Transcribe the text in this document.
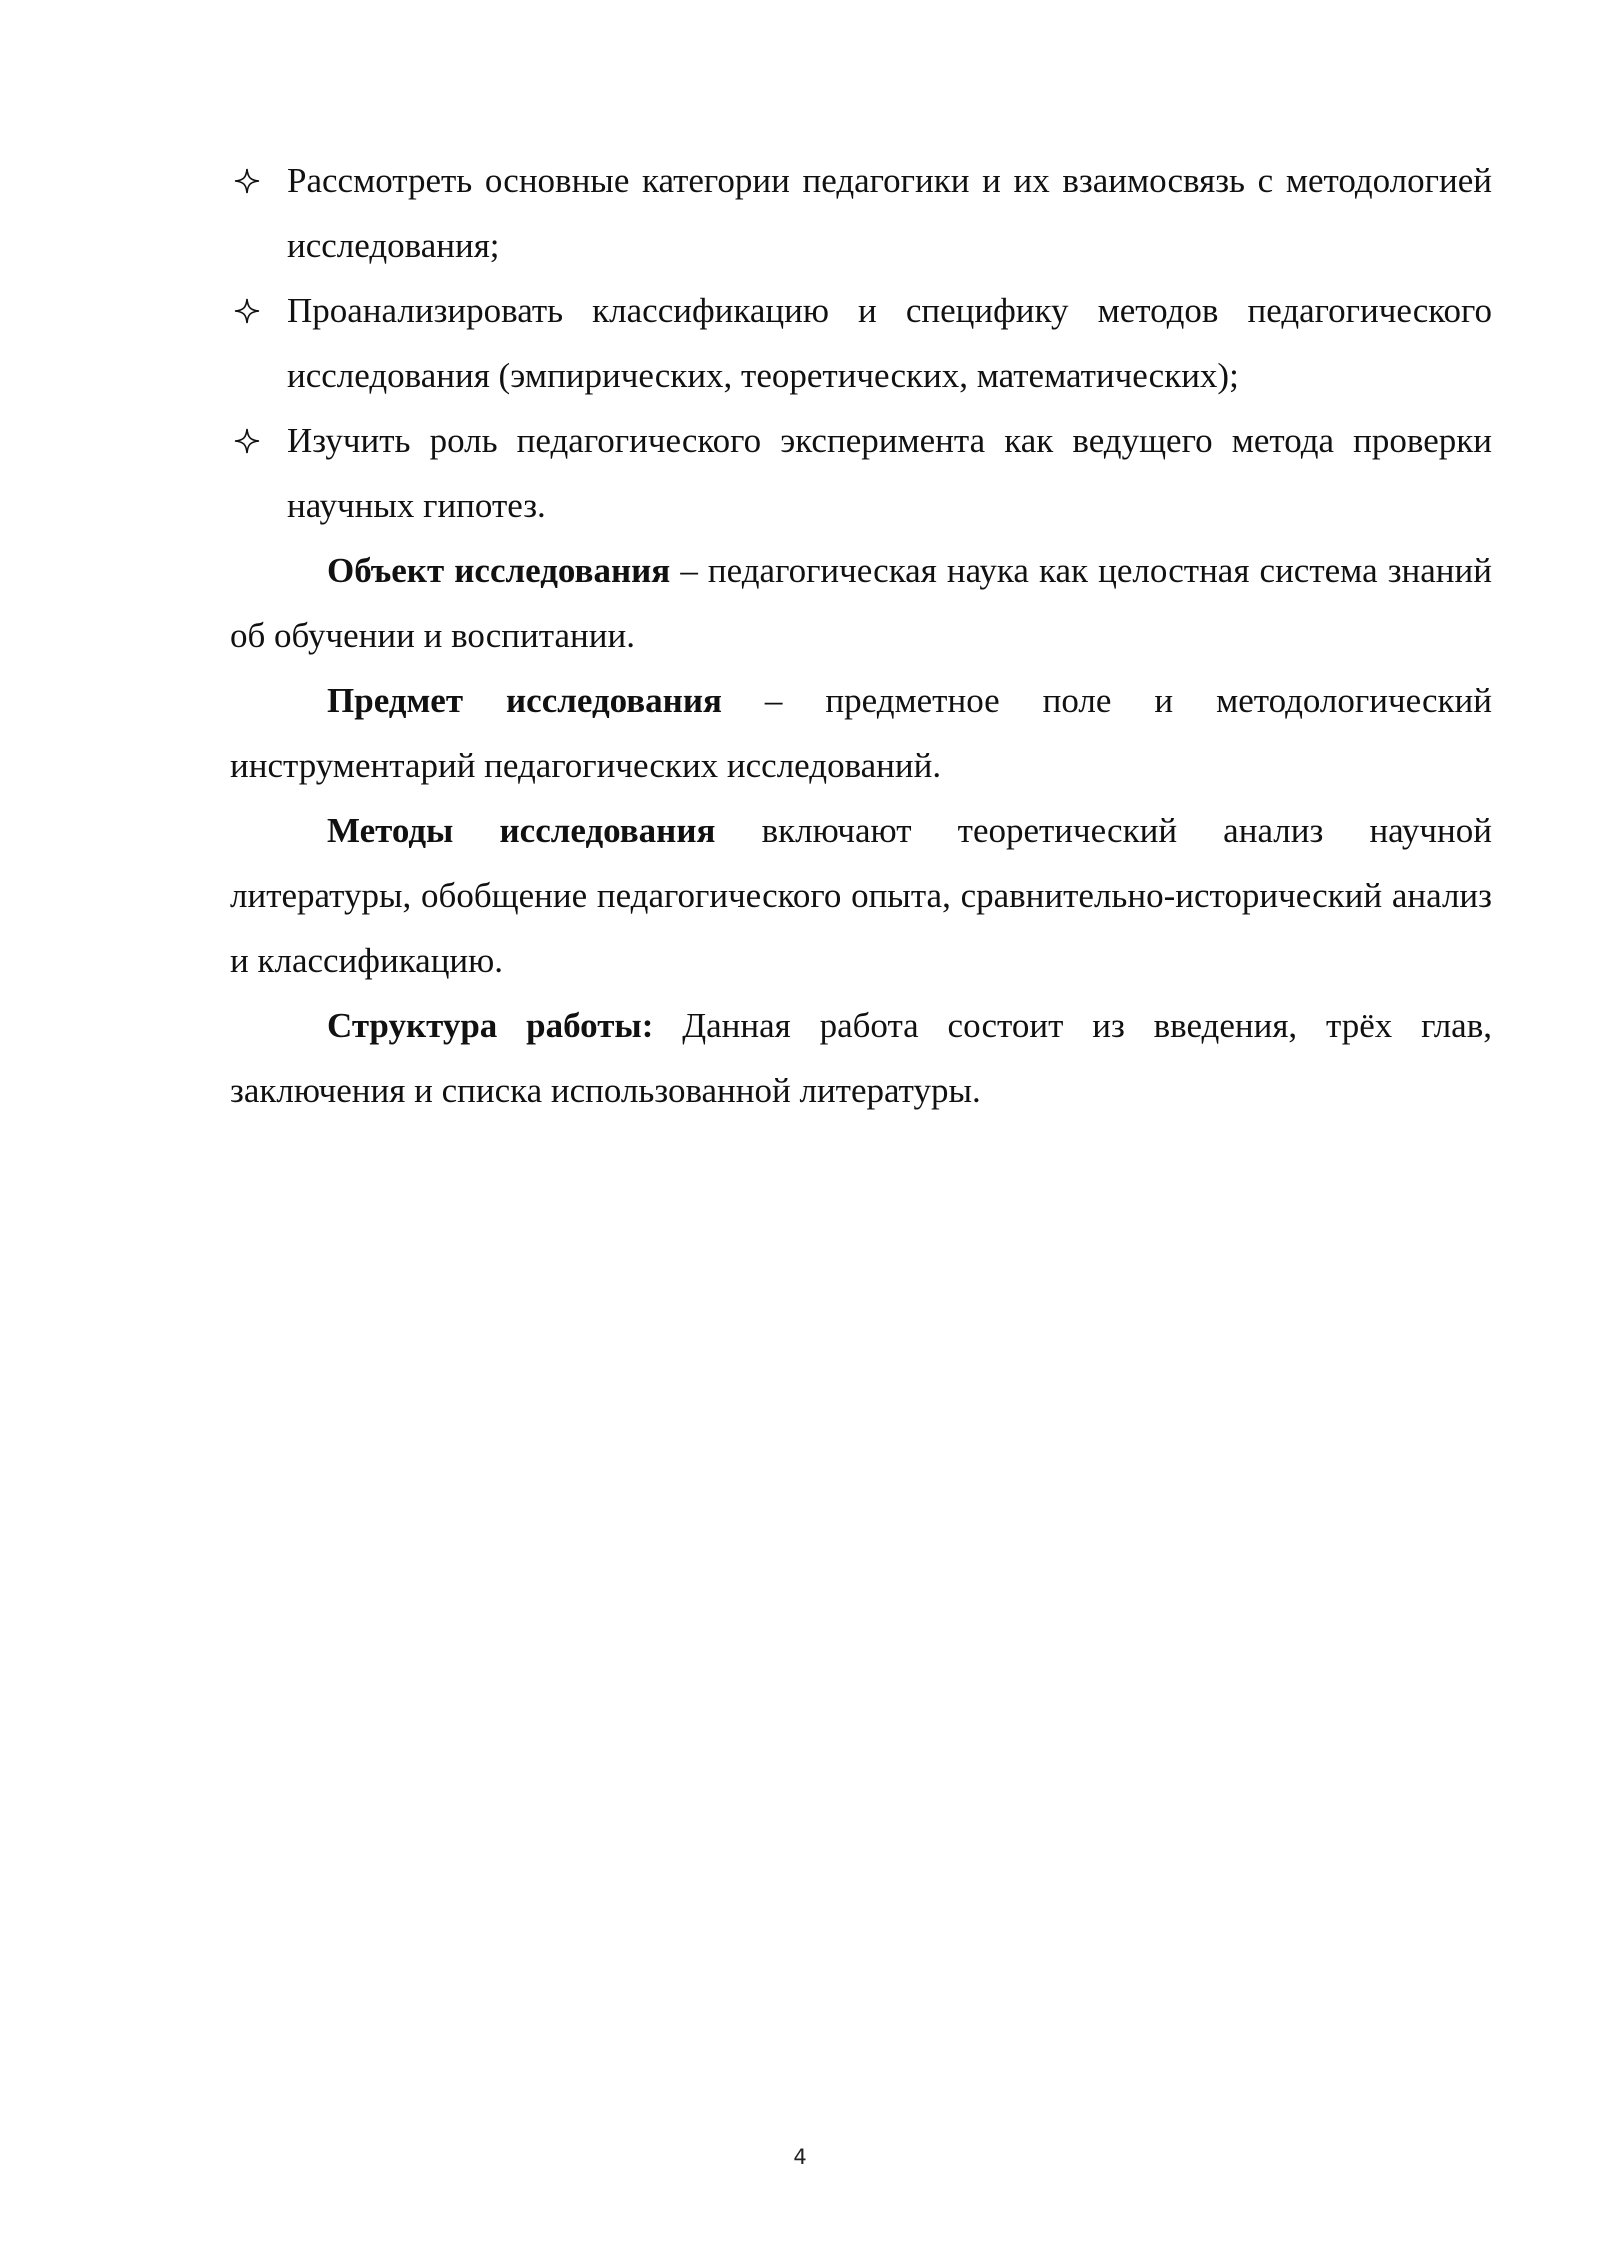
Рассмотреть основные категории педагогики и их взаимосвязь с методологией исследования;
Проанализировать классификацию и специфику методов педагогического исследования (эмпирических, теоретических, математических);
Изучить роль педагогического эксперимента как ведущего метода проверки научных гипотез.

Объект исследования – педагогическая наука как целостная система знаний об обучении и воспитании.

Предмет исследования – предметное поле и методологический инструментарий педагогических исследований.

Методы исследования включают теоретический анализ научной литературы, обобщение педагогического опыта, сравнительно-исторический анализ и классификацию.

Структура работы: Данная работа состоит из введения, трёх глав, заключения и списка использованной литературы.

4
